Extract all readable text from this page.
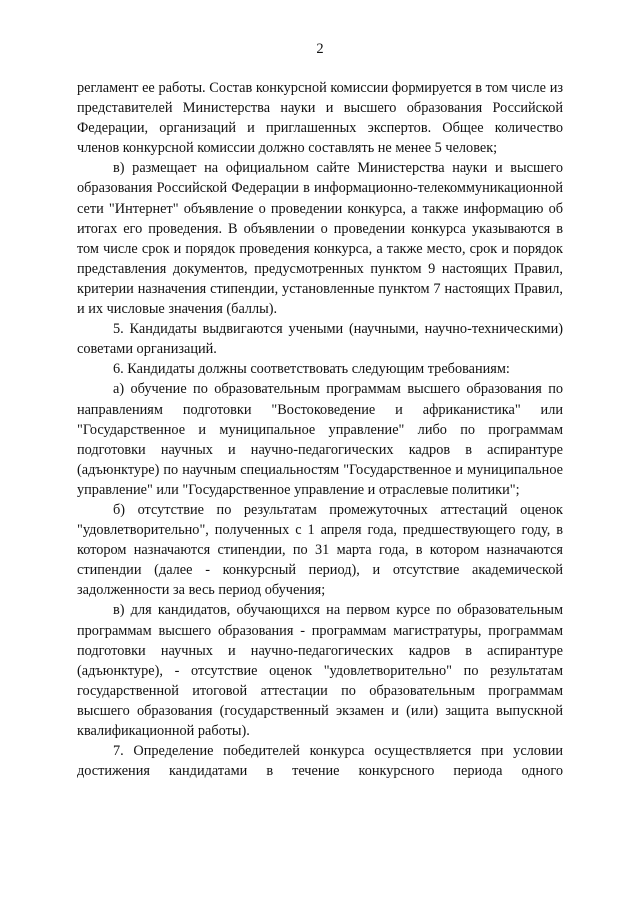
2

регламент ее работы. Состав конкурсной комиссии формируется в том числе из представителей Министерства науки и высшего образования Российской Федерации, организаций и приглашенных экспертов. Общее количество членов конкурсной комиссии должно составлять не менее 5 человек;

в) размещает на официальном сайте Министерства науки и высшего образования Российской Федерации в информационно-телекоммуникационной сети "Интернет" объявление о проведении конкурса, а также информацию об итогах его проведения. В объявлении о проведении конкурса указываются в том числе срок и порядок проведения конкурса, а также место, срок и порядок представления документов, предусмотренных пунктом 9 настоящих Правил, критерии назначения стипендии, установленные пунктом 7 настоящих Правил, и их числовые значения (баллы).

5. Кандидаты выдвигаются учеными (научными, научно-техническими) советами организаций.

6. Кандидаты должны соответствовать следующим требованиям:

а) обучение по образовательным программам высшего образования по направлениям подготовки "Востоковедение и африканистика" или "Государственное и муниципальное управление" либо по программам подготовки научных и научно-педагогических кадров в аспирантуре (адъюнктуре) по научным специальностям "Государственное и муниципальное управление" или "Государственное управление и отраслевые политики";

б) отсутствие по результатам промежуточных аттестаций оценок "удовлетворительно", полученных с 1 апреля года, предшествующего году, в котором назначаются стипендии, по 31 марта года, в котором назначаются стипендии (далее - конкурсный период), и отсутствие академической задолженности за весь период обучения;

в) для кандидатов, обучающихся на первом курсе по образовательным программам высшего образования - программам магистратуры, программам подготовки научных и научно-педагогических кадров в аспирантуре (адъюнктуре), - отсутствие оценок "удовлетворительно" по результатам государственной итоговой аттестации по образовательным программам высшего образования (государственный экзамен и (или) защита выпускной квалификационной работы).

7. Определение победителей конкурса осуществляется при условии достижения кандидатами в течение конкурсного периода одного
